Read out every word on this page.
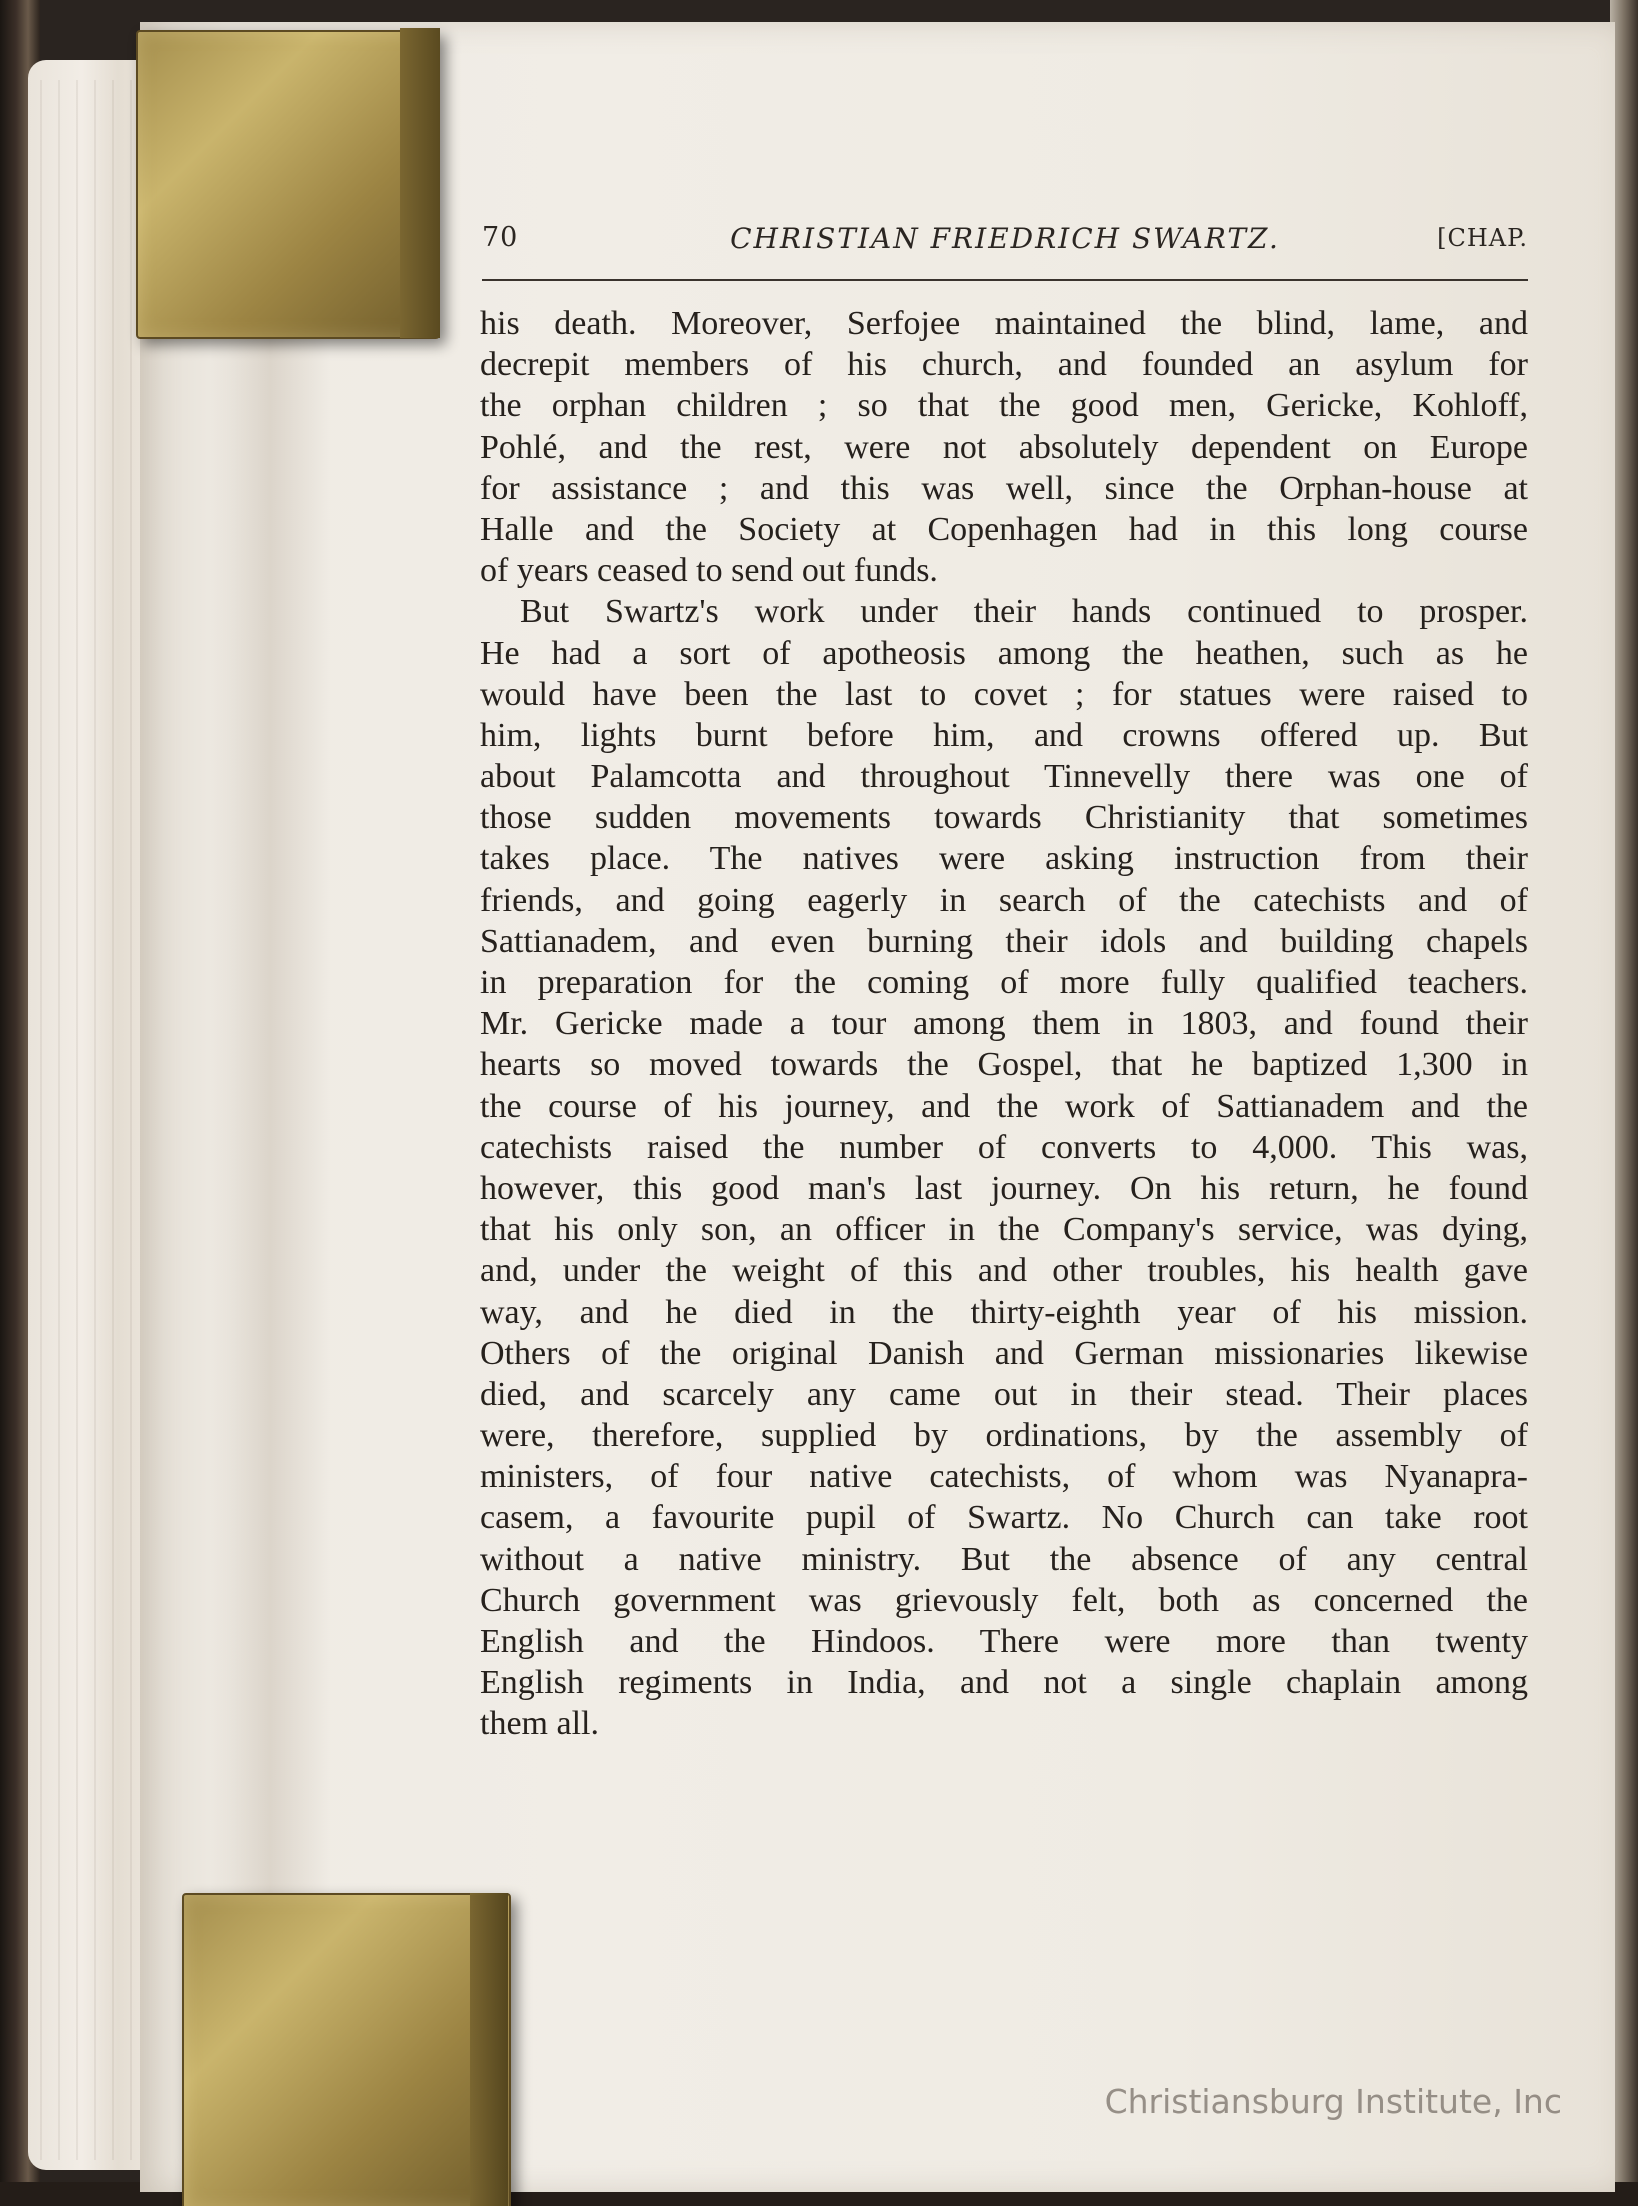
70	CHRISTIAN FRIEDRICH SWARTZ.	[CHAP.
his death. Moreover, Serfojee maintained the blind, lame, and
decrepit members of his church, and founded an asylum for
the orphan children ; so that the good men, Gericke, Kohloff,
Pohlé, and the rest, were not absolutely dependent on Europe
for assistance ; and this was well, since the Orphan-house at
Halle and the Society at Copenhagen had in this long course
of years ceased to send out funds.
But Swartz's work under their hands continued to prosper.
He had a sort of apotheosis among the heathen, such as he
would have been the last to covet ; for statues were raised to
him, lights burnt before him, and crowns offered up. But
about Palamcotta and throughout Tinnevelly there was one of
those sudden movements towards Christianity that sometimes
takes place. The natives were asking instruction from their
friends, and going eagerly in search of the catechists and of
Sattianadem, and even burning their idols and building chapels
in preparation for the coming of more fully qualified teachers.
Mr. Gericke made a tour among them in 1803, and found their
hearts so moved towards the Gospel, that he baptized 1,300 in
the course of his journey, and the work of Sattianadem and the
catechists raised the number of converts to 4,000. This was,
however, this good man's last journey. On his return, he found
that his only son, an officer in the Company's service, was dying,
and, under the weight of this and other troubles, his health gave
way, and he died in the thirty-eighth year of his mission.
Others of the original Danish and German missionaries likewise
died, and scarcely any came out in their stead. Their places
were, therefore, supplied by ordinations, by the assembly of
ministers, of four native catechists, of whom was Nyanapra-
casem, a favourite pupil of Swartz. No Church can take root
without a native ministry. But the absence of any central
Church government was grievously felt, both as concerned the
English and the Hindoos. There were more than twenty
English regiments in India, and not a single chaplain among
them all.
Christiansburg Institute, Inc
